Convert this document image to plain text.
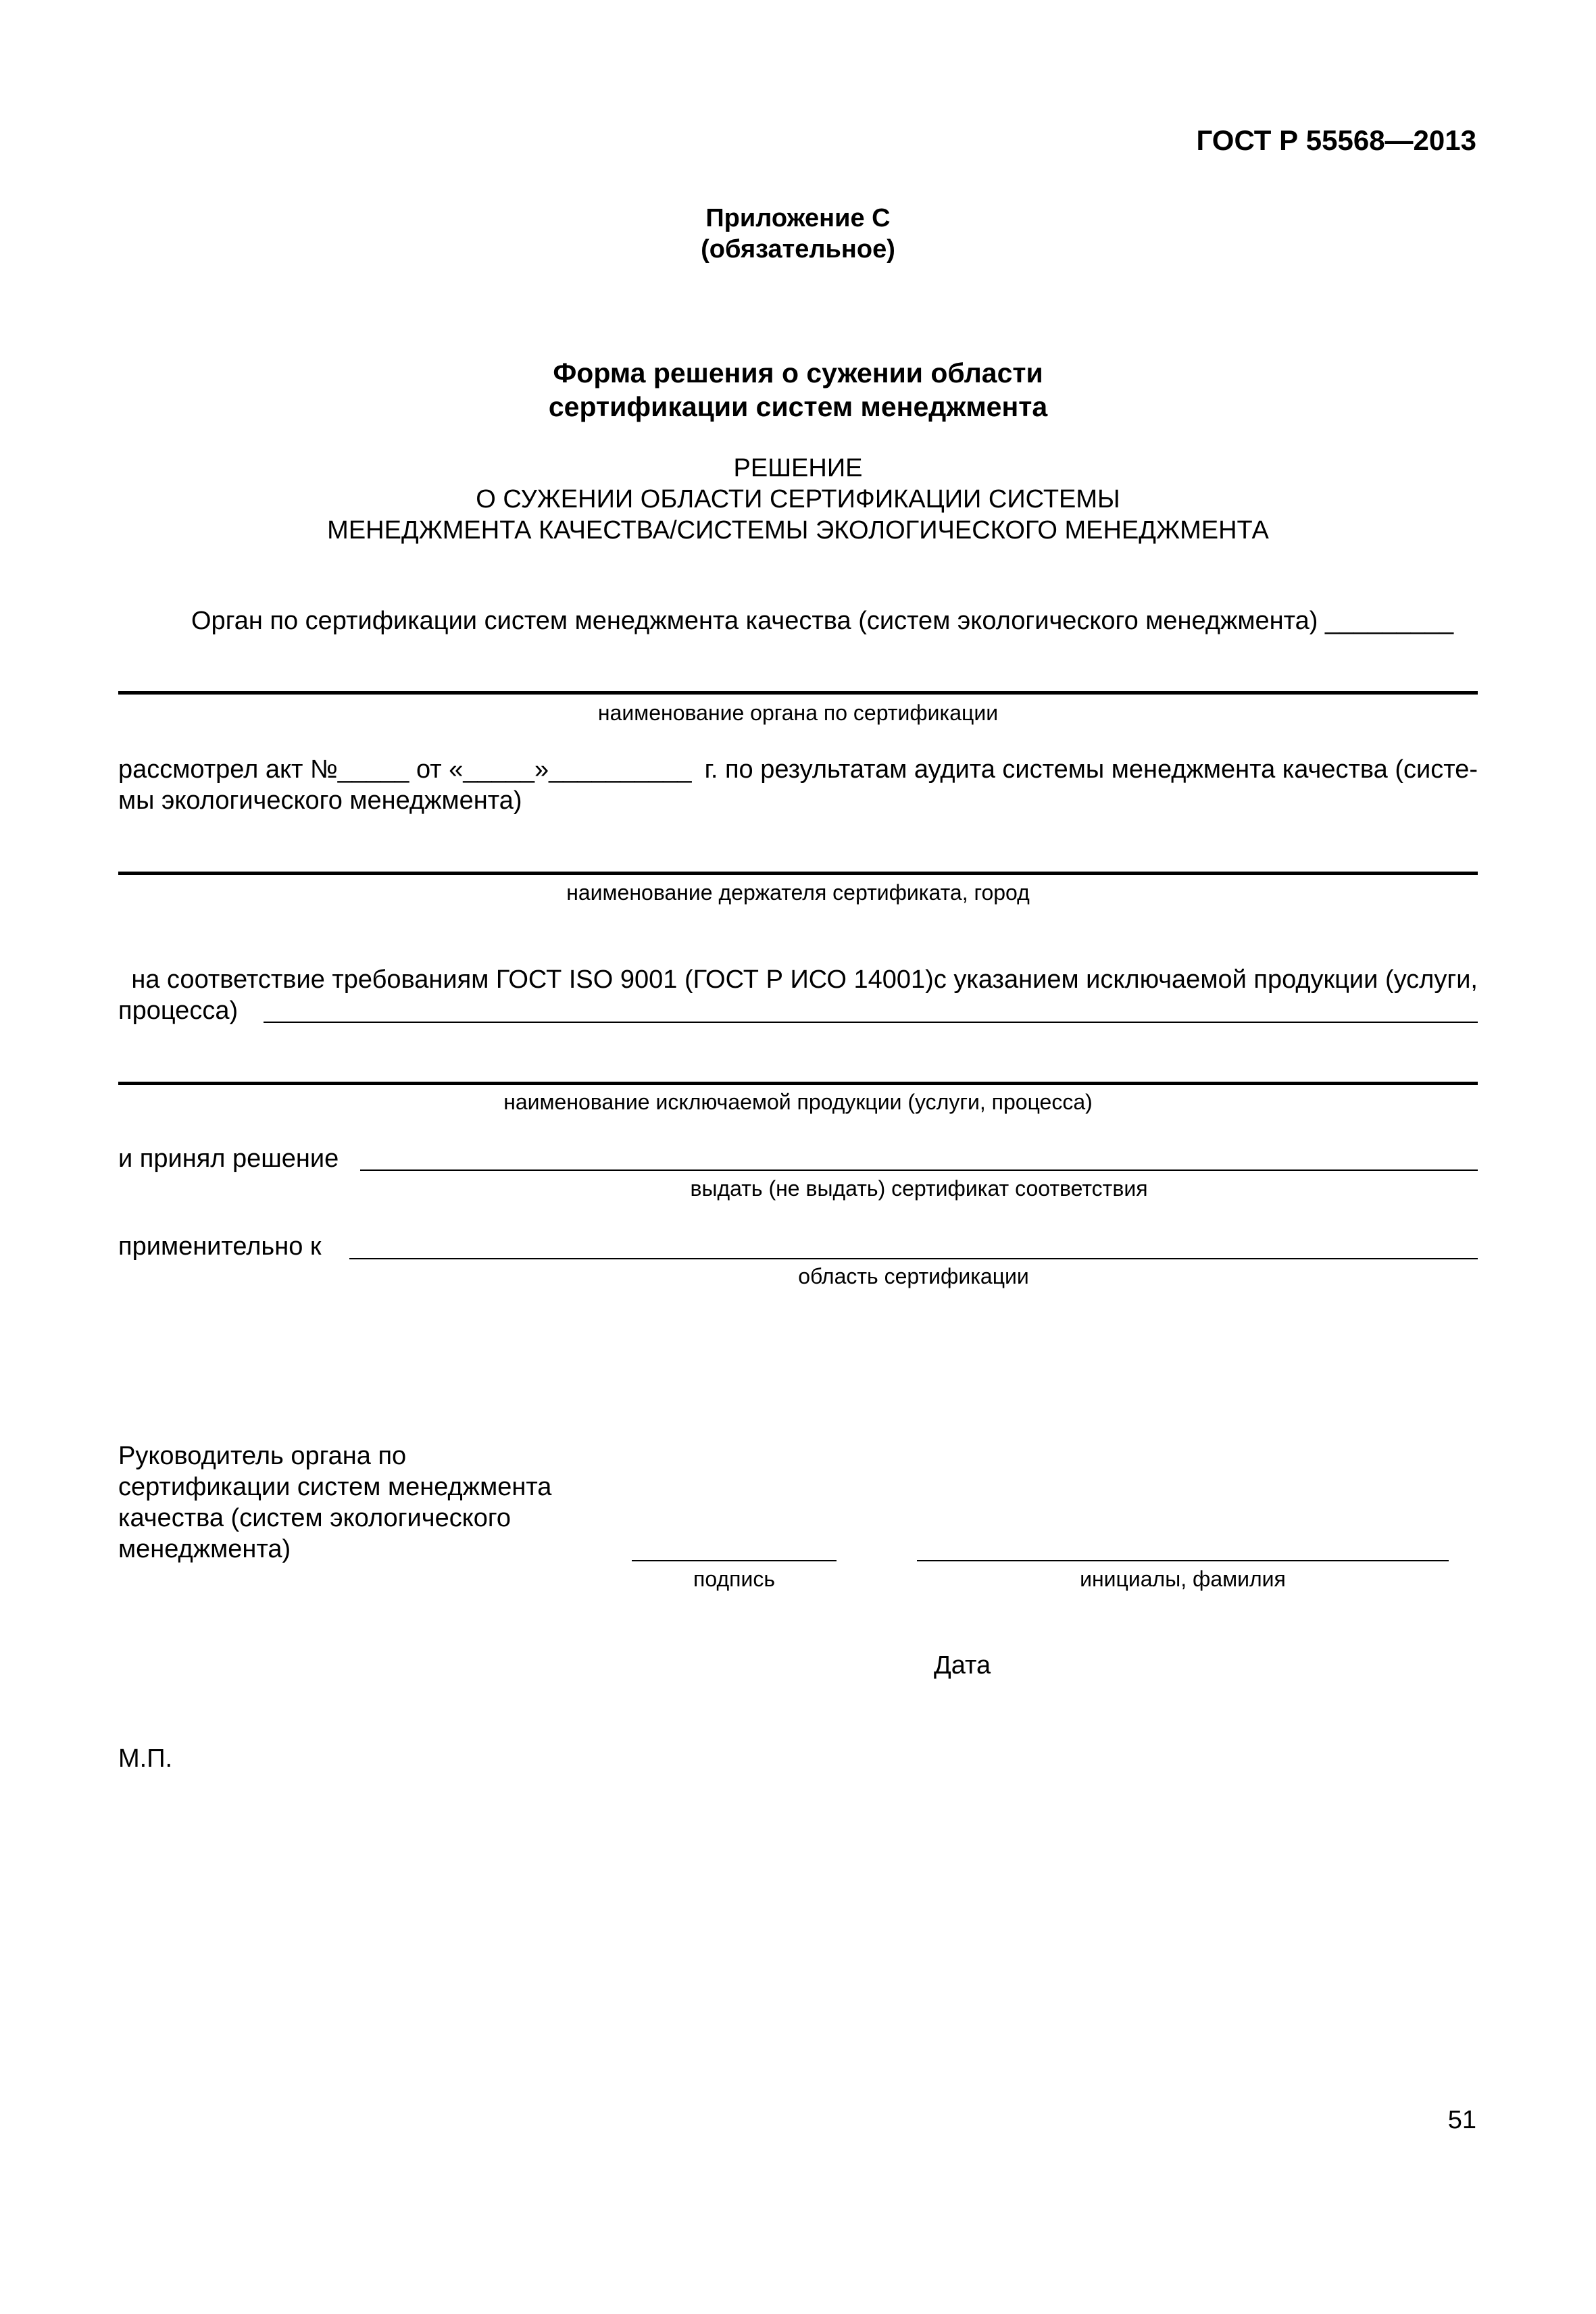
ГОСТ Р 55568—2013
Приложение С
(обязательное)
Форма решения о сужении области
сертификации систем менеджмента
РЕШЕНИЕ
О СУЖЕНИИ ОБЛАСТИ СЕРТИФИКАЦИИ СИСТЕМЫ
МЕНЕДЖМЕНТА КАЧЕСТВА/СИСТЕМЫ ЭКОЛОГИЧЕСКОГО МЕНЕДЖМЕНТА
Орган по сертификации систем менеджмента качества (систем экологического менеджмента) _________
наименование органа по сертификации
рассмотрел акт №_____ от «_____»__________ г. по результатам аудита системы менеджмента качества (систе-
мы экологического менеджмента)
наименование держателя сертификата, город
на соответствие требованиям ГОСТ ISO 9001 (ГОСТ Р ИСО 14001)с указанием исключаемой продукции (услуги,
процесса)
наименование исключаемой продукции (услуги, процесса)
и принял решение
выдать (не выдать) сертификат соответствия
применительно к
область сертификации
Руководитель органа по
сертификации систем менеджмента
качества (систем экологического
менеджмента)
подпись	инициалы, фамилия
Дата
М.П.
51
